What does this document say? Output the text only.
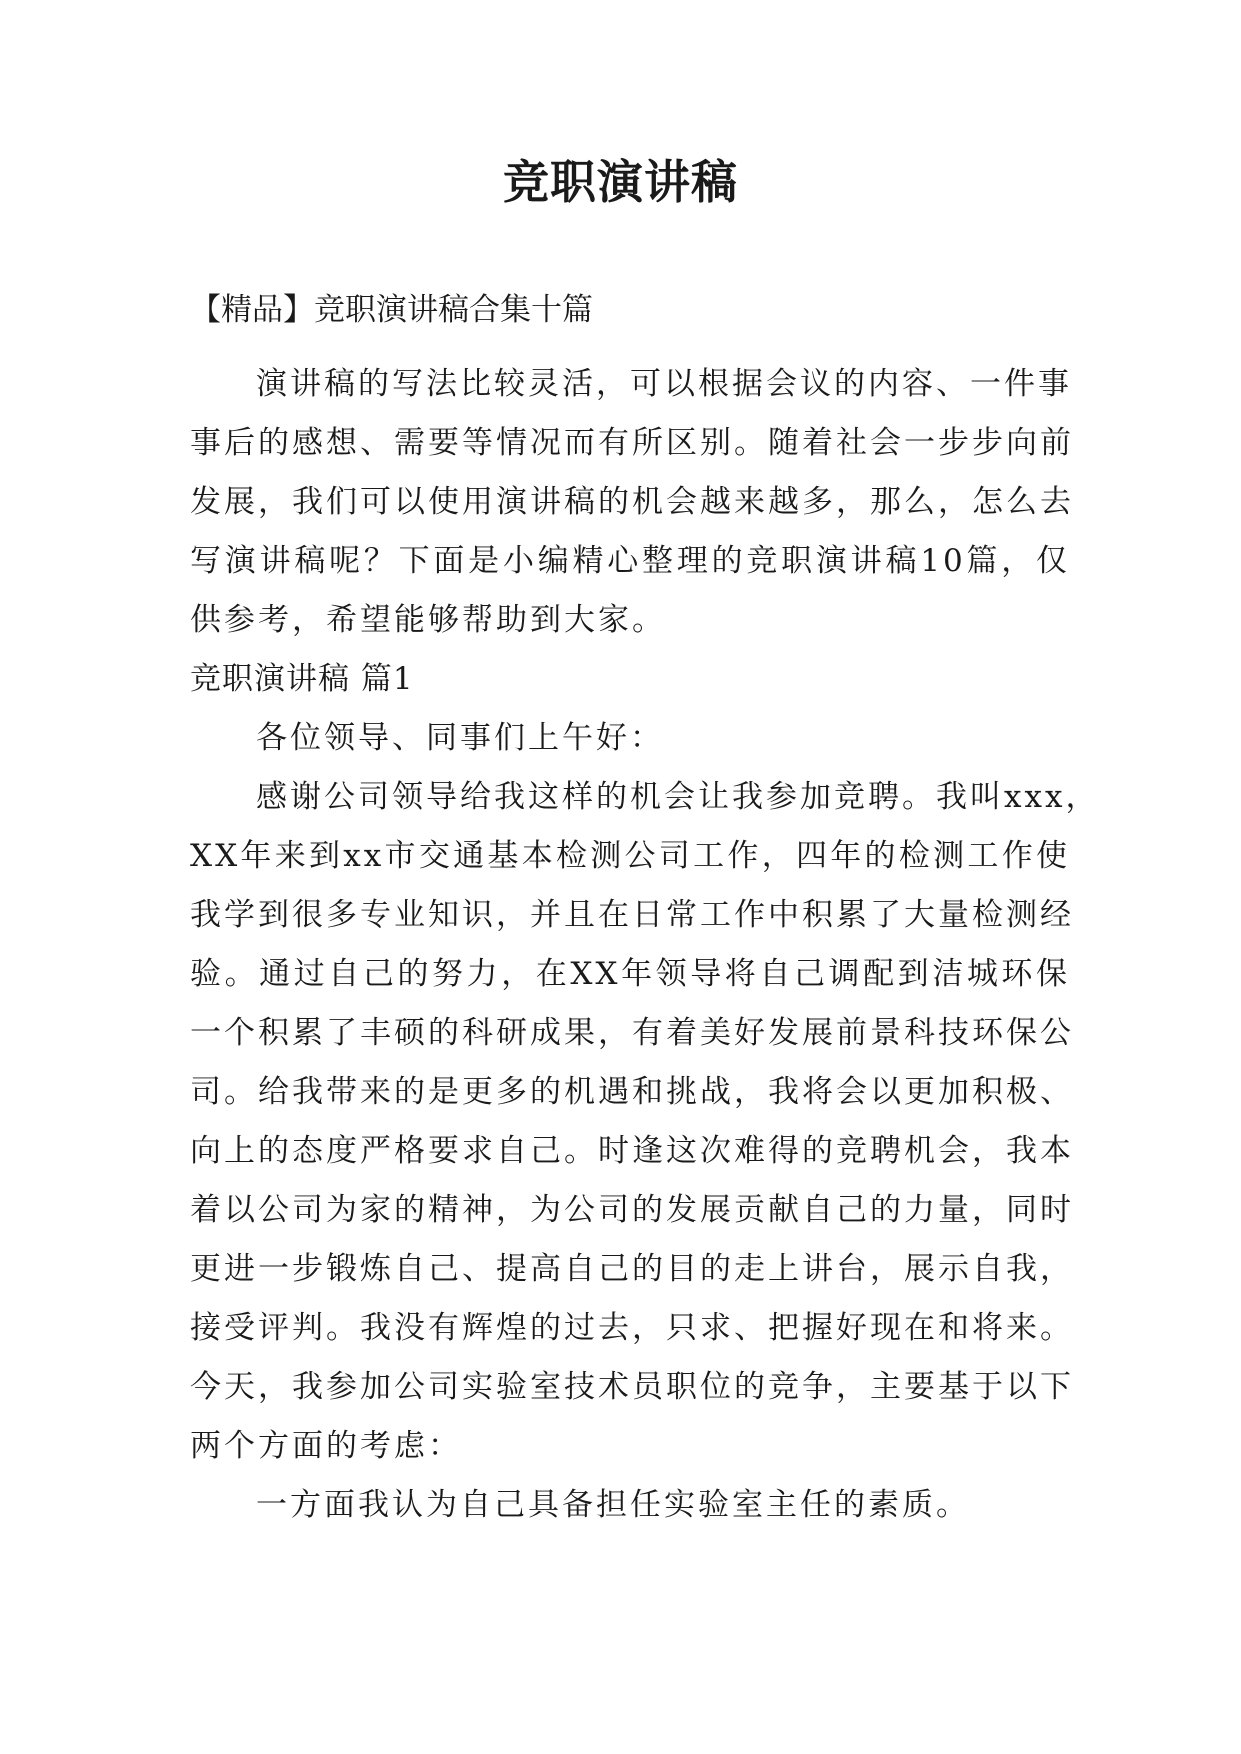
竞职演讲稿
【精品】竞职演讲稿合集十篇
演讲稿的写法比较灵活，可以根据会议的内容、一件事
事后的感想、需要等情况而有所区别。随着社会一步步向前
发展，我们可以使用演讲稿的机会越来越多，那么，怎么去
写演讲稿呢？下面是小编精心整理的竞职演讲稿10篇，仅
供参考，希望能够帮助到大家。
竞职演讲稿 篇1
各位领导、同事们上午好：
感谢公司领导给我这样的机会让我参加竞聘。我叫xxx，
XX年来到xx市交通基本检测公司工作，四年的检测工作使
我学到很多专业知识，并且在日常工作中积累了大量检测经
验。通过自己的努力，在XX年领导将自己调配到洁城环保
一个积累了丰硕的科研成果，有着美好发展前景科技环保公
司。给我带来的是更多的机遇和挑战，我将会以更加积极、
向上的态度严格要求自己。时逢这次难得的竞聘机会，我本
着以公司为家的精神，为公司的发展贡献自己的力量，同时
更进一步锻炼自己、提高自己的目的走上讲台，展示自我，
接受评判。我没有辉煌的过去，只求、把握好现在和将来。
今天，我参加公司实验室技术员职位的竞争，主要基于以下
两个方面的考虑：
一方面我认为自己具备担任实验室主任的素质。
